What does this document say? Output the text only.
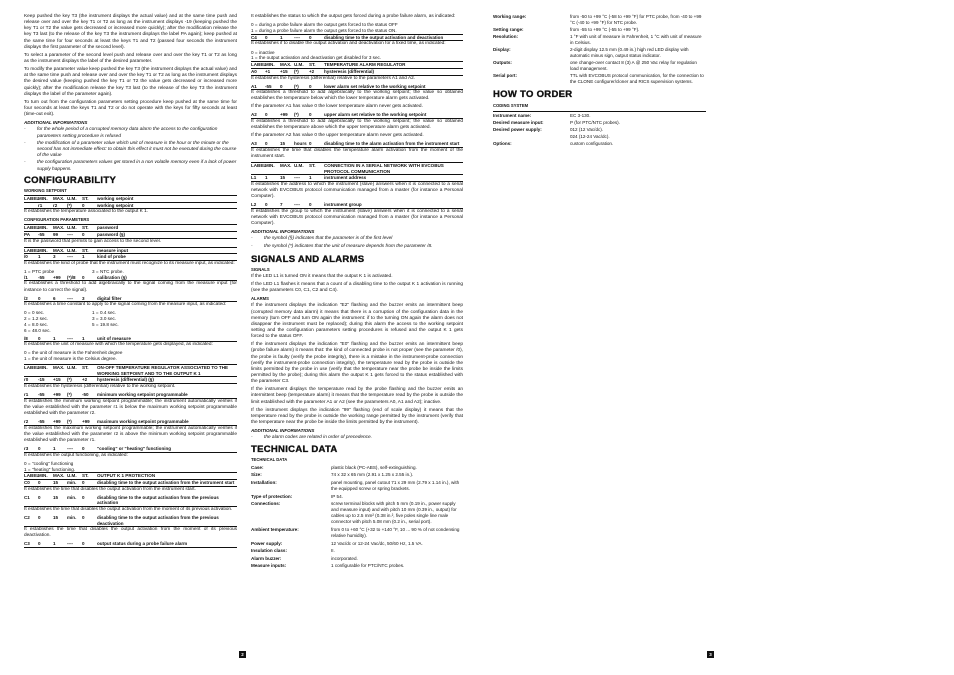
Keep pushed the key T3 (the instrument displays the actual value) and at the same time push and release over and over the key T1 or T2 as long as the instrument displays -19 (keeping pushed the key T1 or T2 the value gets decreased or increased more quickly); after the modification release the key T3 last (to the release of the key T3 the instrument displays the label PA again); keep pushed at the same time for four seconds at least the keys T1 and T2 (passed four seconds the instrument displays the first parameter of the second level).

To select a parameter of the second level push and release over and over the key T1 or T2 as long as the instrument displays the label of the desired parameter.

To modify the parameter value keep pushed the key T3 (the instrument displays the actual value) and at the same time push and release over and over the key T1 or T2 as long as the instrument displays the desired value (keeping pushed the key T1 or T2 the value gets decreased or increased more quickly); after the modification release the key T3 last (to the release of the key T3 the instrument displays the label of the parameter again).

To turn out from the configuration parameters setting procedure keep pushed at the same time for four seconds at least the keys T1 and T2 or do not operate with the keys for fifty seconds at least (time-out exit).

ADDITIONAL INFORMATIONS
-	for the whole period of a corrupted memory data alarm the access to the configuration parameters setting procedure is refused
-	the modification of a parameter value which unit of measure is the hour or the minute or the second has not immediate effect: to obtain this effect it must not be executed during the course of the value
-	the configuration parameters values get stored in a non volatile memory even if a lack of power supply happens.
CONFIGURABILITY
WORKING SETPOINT
LABEL
MIN.	MAX. U.M.	ST.	working setpoint
r1	r2	(*)	0	working setpoint

It establishes the temperature associated to the output K 1.

CONFIGURATION PARAMETERS
LABEL
MIN.	MAX. U.M.	ST.	password
PA	-55	99	----	0	password (§)

It is the password that permits to gain access to the second level.

LABEL
MIN.	MAX. U.M.	ST.	measure input
/0	1	3	----	1	kind of probe

It establishes the kind of probe that the instrument must recognize to its measure input, as indicated:

1 = PTC probe	3 = NTC probe.
/1	-55	+99	(*)/8	0	calibration (§)

It establishes a threshold to add algebraically to the signal coming from the measure input (for instance to correct the signal).

/2	0	6	----	3	digital filter

It establishes a time constant to apply to the signal coming from the measure input, as indicated:

0 = 0 sec.	1 = 0.4 sec.
2 = 1.2 sec.	3 = 3.0 sec.
4 = 8.0 sec.	5 = 19.8 sec.
6 = 48.0 sec.
/8	0	1	----	1	unit of measure

It establishes the unit of measure with which the temperature gets displayed, as indicated:

0 = the unit of measure is the Fahrenheit degree
1 = the unit of measure is the Celsius degree.
LABEL
MIN.	MAX. U.M.	ST.	ON-OFF TEMPERATURE REGULATOR ASSOCIATED TO THE WORKING SETPOINT AND TO THE OUTPUT K 1
r0	-15	+15	(*)	+2	hysteresis (differential) (§)

It establishes the hysteresis (differential) relative to the working setpoint.

r1	-55	+99	(*)	-50	minimum working setpoint programmable

It establishes the minimum working setpoint programmable; the instrument automatically verifies if the value established with the parameter r1 is below the maximum working setpoint programmable established with the parameter r2.

r2	-55	+99	(*)	+99	maximum working setpoint programmable

It establishes the maximum working setpoint programmable; the instrument automatically verifies if the value established with the parameter r2 is above the minimum working setpoint programmable established with the parameter r1.

r3	0	1	----	0	"cooling" or "heating" functioning

It establishes the output functioning, as indicated:

0 = "cooling" functioning
1 = "heating" functioning.
LABEL
MIN.	MAX. U.M.	ST.	OUTPUT K 1 PROTECTION
C0	0	15	min.	0	disabling time to the output activation from the instrument start

It establishes the time that disables the output activation from the instrument start.

C1	0	15	min.	0	disabling time to the output activation from the previous activation

It establishes the time that disables the output activation from the moment of its previous activation.

C2	0	15	min.	0	disabling time to the output activation from the previous deactivation

It establishes the time that disables the output activation from the moment of its previous deactivation.

C3	0	1	----	0	output status during a probe failure alarm

It establishes the status to which the output gets forced during a probe failure alarm, as indicated:

0 = during a probe failure alarm the output gets forced to the status OFF
1 = during a probe failure alarm the output gets forced to the status ON.
C4	0	1	----	0	disabling time to the output activation and deactivation

It establishes if to disable the output activation and deactivation for a fixed time, as indicated:

0 = inactive
1 = the output activation and deactivation get disabled for 3 sec.
LABEL
MIN.	MAX. U.M.	ST.	TEMPERATURE ALARM REGULATOR
A0	+1	+15	(*)	+2	hysteresis (differential)

It establishes the hysteresis (differential) relative to the parameters A1 and A2.

A1	-55	0	(*)	0	lower alarm set relative to the working setpoint

It establishes a threshold to add algebraically to the working setpoint; the value so obtained establishes the temperature below which the lower temperature alarm gets activated.

If the parameter A1 has value 0 the lower temperature alarm never gets activated.

A2	0	+99	(*)	0	upper alarm set relative to the working setpoint

It establishes a threshold to add algebraically to the working setpoint; the value so obtained establishes the temperature above which the upper temperature alarm gets activated.

If the parameter A2 has value 0 the upper temperature alarm never gets activated.

A3	0	15	hours 0	disabling time to the alarm activation from the instrument start

It establishes the time that disables the temperature alarm activation from the moment of the instrument start.

LABEL
MIN.	MAX. U.M.	ST.	CONNECTION IN A SERIAL NETWORK WITH EVCOBUS PROTOCOL COMMUNICATION
L1	1	15	----	1	instrument address

It establishes the address to which the instrument (slave) answers when it is connected to a serial network with EVCOBUS protocol communication managed from a master (for instance a Personal Computer).

L2	0	7	----	0	instrument group

It establishes the group to which the instrument (slave) answers when it is connected to a serial network with EVCOBUS protocol communication managed from a master (for instance a Personal Computer).

ADDITIONAL INFORMATIONS
-	the symbol (§) indicates that the parameter is of the first level
-	the symbol (*) indicates that the unit of measure depends from the parameter /8.
SIGNALS AND ALARMS
SIGNALS

If the LED L1 is turned ON it means that the output K 1 is activated.

If the LED L1 flashes it means that a count of a disabling time to the output K 1 activation is running (see the parameters C0, C1, C2 and C4).

ALARMS

If the instrument displays the indication "E2" flashing and the buzzer emits an intermittent beep (corrupted memory data alarm) it means that there is a corruption of the configuration data in the memory (turn OFF and turn ON again the instrument: if to the turning ON again the alarm does not disappear the instrument must be replaced); during this alarm the access to the working setpoint setting and the configuration parameters setting procedures is refused and the output K 1 gets forced to the status OFF.

If the instrument displays the indication "E0" flashing and the buzzer emits an intermittent beep (probe failure alarm) it means that: the kind of connected probe is not proper (see the parameter /0), the probe is faulty (verify the probe integrity), there is a mistake in the instrument-probe connection (verify the instrument-probe connection integrity), the temperature read by the probe is outside the limits permitted by the probe in use (verify that the temperature near the probe be inside the limits permitted by the probe); during this alarm the output K 1 gets forced to the status established with the parameter C3.

If the instrument displays the temperature read by the probe flashing and the buzzer emits an intermittent beep (temperature alarm) it means that the temperature read by the probe is outside the limit established with the parameter A1 or A2 (see the parameters A0, A1 and A2); inactive.

If the instrument displays the indication "99" flashing (end of scale display) it means that the temperature read by the probe is outside the working range permitted by the instrument (verify that the temperature near the probe be inside the limits permitted by the instrument).

ADDITIONAL INFORMATIONS
-	the alarm codes are related in order of precedence.
TECHNICAL DATA
TECHNICAL DATA
Case:	plastic black (PC-ABS), self-extinguishing.
Size:	74 x 32 x 65 mm (2.91 x 1.25 x 2.55 in.).
Installation:	panel mounting, panel cutout 71 x 29 mm (2.79 x 1.14 in.), with the equipped screw or spring brackets.
Type of protection:	IP 54.
Connections:	screw terminal blocks with pitch 5 mm (0.19 in., power supply and measure input) and with pitch 10 mm (0.39 in., output) for cables up to 2.5 mm² (0.38 in.², five poles single line male connector with pitch 5.08 mm (0.2 in., serial port).
Ambient temperature:	from 0 to +60 °C (+32 to +140 °F, 10 ... 90 % of not condensing relative humidity).
Power supply:	12 Vac/dc or 12-24 Vac/dc, 50/60 Hz, 1.5 VA.
Insulation class:	II.
Alarm buzzer:	incorporated.
Measure inputs:	1 configurable for PTC/NTC probes.
2
Working range:	from -50 to +99 °C (-58 to +99 °F) for PTC probe, from -40 to +99 °C (-40 to +99 °F) for NTC probe.
Setting range:	from -55 to +99 °C (-55 to +99 °F).
Resolution:	1 °F with unit of measure in Fahrenheit, 1 °C with unit of measure in Celsius.
Display:	2-digit display 12.5 mm (0.49 in.) high red LED display with automatic minus sign, output status indicator.
Outputs:	one change-over contact 8 (3) A @ 250 Vac relay for regulation load management.
Serial port:	TTL with EVCOBUS protocol communication, for the connection to the CLONE configurer/cloner and RICS supervision systems.
HOW TO ORDER
CODING SYSTEM
Instrument name:	EC 3-130.
Desired measure input:	P (for PTC/NTC probes).
Desired power supply:	012 (12 Vac/dc).
024 (12-24 Vac/dc).
Options:	custom configuration.
3
